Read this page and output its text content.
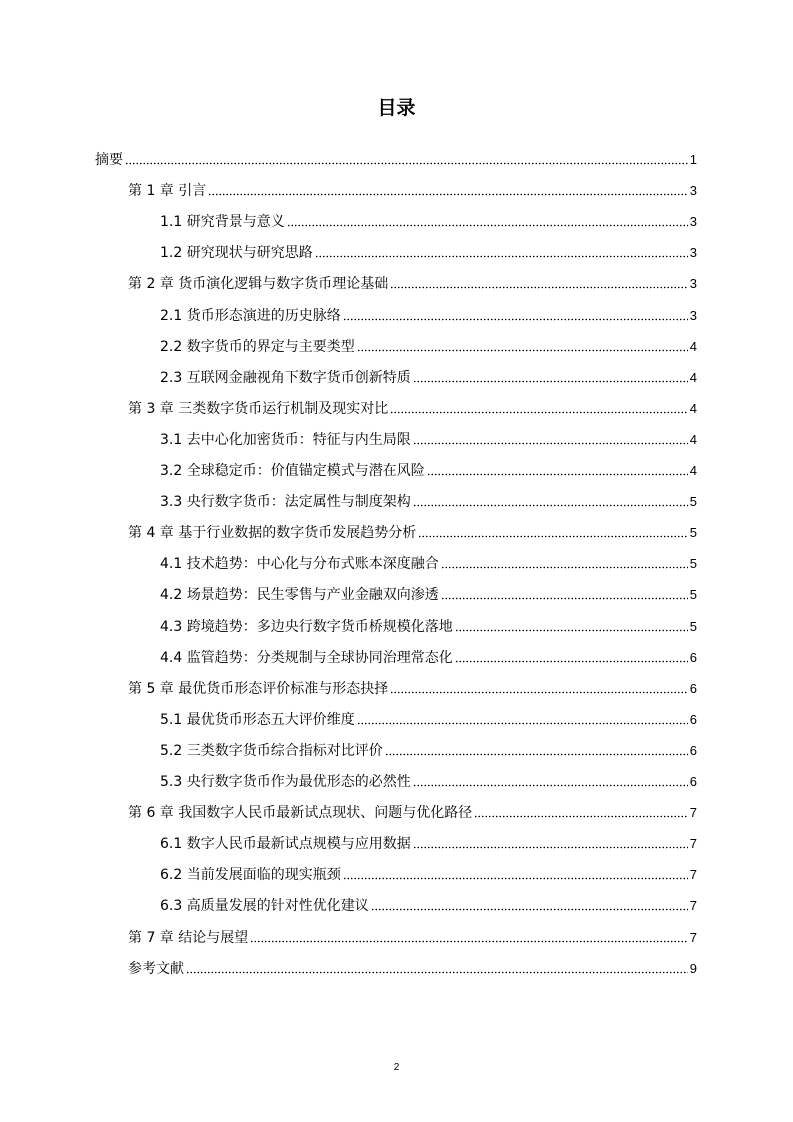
目录
摘要	1
第 1 章 引言	3
1.1 研究背景与意义	3
1.2 研究现状与研究思路	3
第 2 章 货币演化逻辑与数字货币理论基础	3
2.1 货币形态演进的历史脉络	3
2.2 数字货币的界定与主要类型	4
2.3 互联网金融视角下数字货币创新特质	4
第 3 章 三类数字货币运行机制及现实对比	4
3.1 去中心化加密货币：特征与内生局限	4
3.2 全球稳定币：价值锚定模式与潜在风险	4
3.3 央行数字货币：法定属性与制度架构	5
第 4 章 基于行业数据的数字货币发展趋势分析	5
4.1 技术趋势：中心化与分布式账本深度融合	5
4.2 场景趋势：民生零售与产业金融双向渗透	5
4.3 跨境趋势：多边央行数字货币桥规模化落地	5
4.4 监管趋势：分类规制与全球协同治理常态化	6
第 5 章 最优货币形态评价标准与形态抉择	6
5.1 最优货币形态五大评价维度	6
5.2 三类数字货币综合指标对比评价	6
5.3 央行数字货币作为最优形态的必然性	6
第 6 章 我国数字人民币最新试点现状、问题与优化路径	7
6.1 数字人民币最新试点规模与应用数据	7
6.2 当前发展面临的现实瓶颈	7
6.3 高质量发展的针对性优化建议	7
第 7 章 结论与展望	7
参考文献	9
2
